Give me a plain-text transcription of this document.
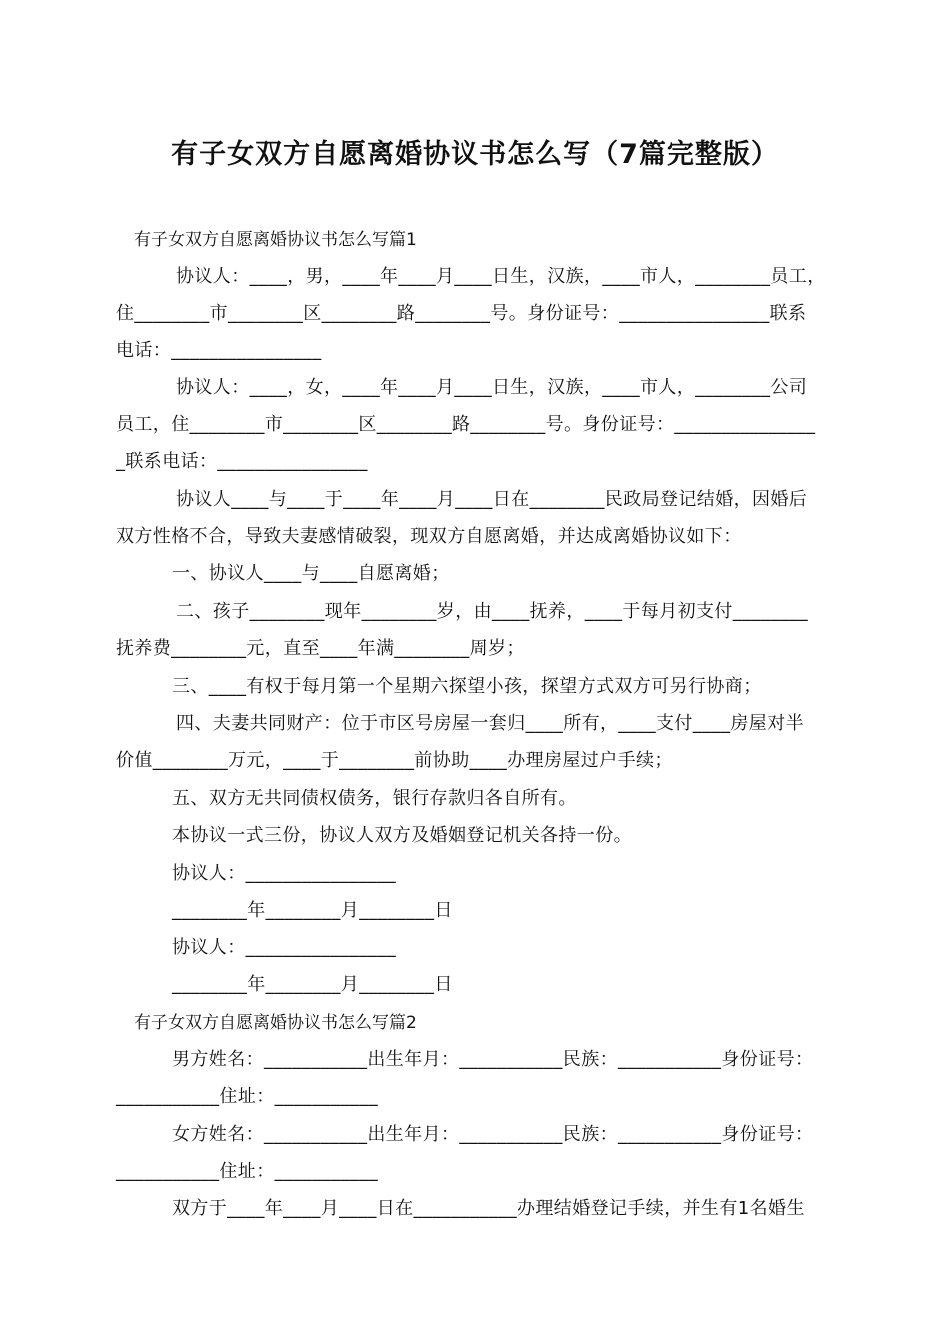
有子女双方自愿离婚协议书怎么写（7篇完整版）
有子女双方自愿离婚协议书怎么写篇1
协议人：____，男，____年____月____日生，汉族，____市人，________员工，
住________市________区________路________号。身份证号：________________联系
电话：________________
协议人：____，女，____年____月____日生，汉族，____市人，________公司
员工，住________市________区________路________号。身份证号：_______________
_联系电话：________________
协议人____与____于____年____月____日在________民政局登记结婚，因婚后
双方性格不合，导致夫妻感情破裂，现双方自愿离婚，并达成离婚协议如下：
一、协议人____与____自愿离婚；
二、孩子________现年________岁，由____抚养，____于每月初支付________
抚养费________元，直至____年满________周岁；
三、____有权于每月第一个星期六探望小孩，探望方式双方可另行协商；
四、夫妻共同财产：位于市区号房屋一套归____所有，____支付____房屋对半
价值________万元，____于________前协助____办理房屋过户手续；
五、双方无共同债权债务，银行存款归各自所有。
本协议一式三份，协议人双方及婚姻登记机关各持一份。
协议人：________________
________年________月________日
协议人：________________
________年________月________日
有子女双方自愿离婚协议书怎么写篇2
男方姓名：___________出生年月：___________民族：___________身份证号：
___________住址：___________
女方姓名：___________出生年月：___________民族：___________身份证号：
___________住址：___________
双方于____年____月____日在___________办理结婚登记手续，并生有1名婚生
